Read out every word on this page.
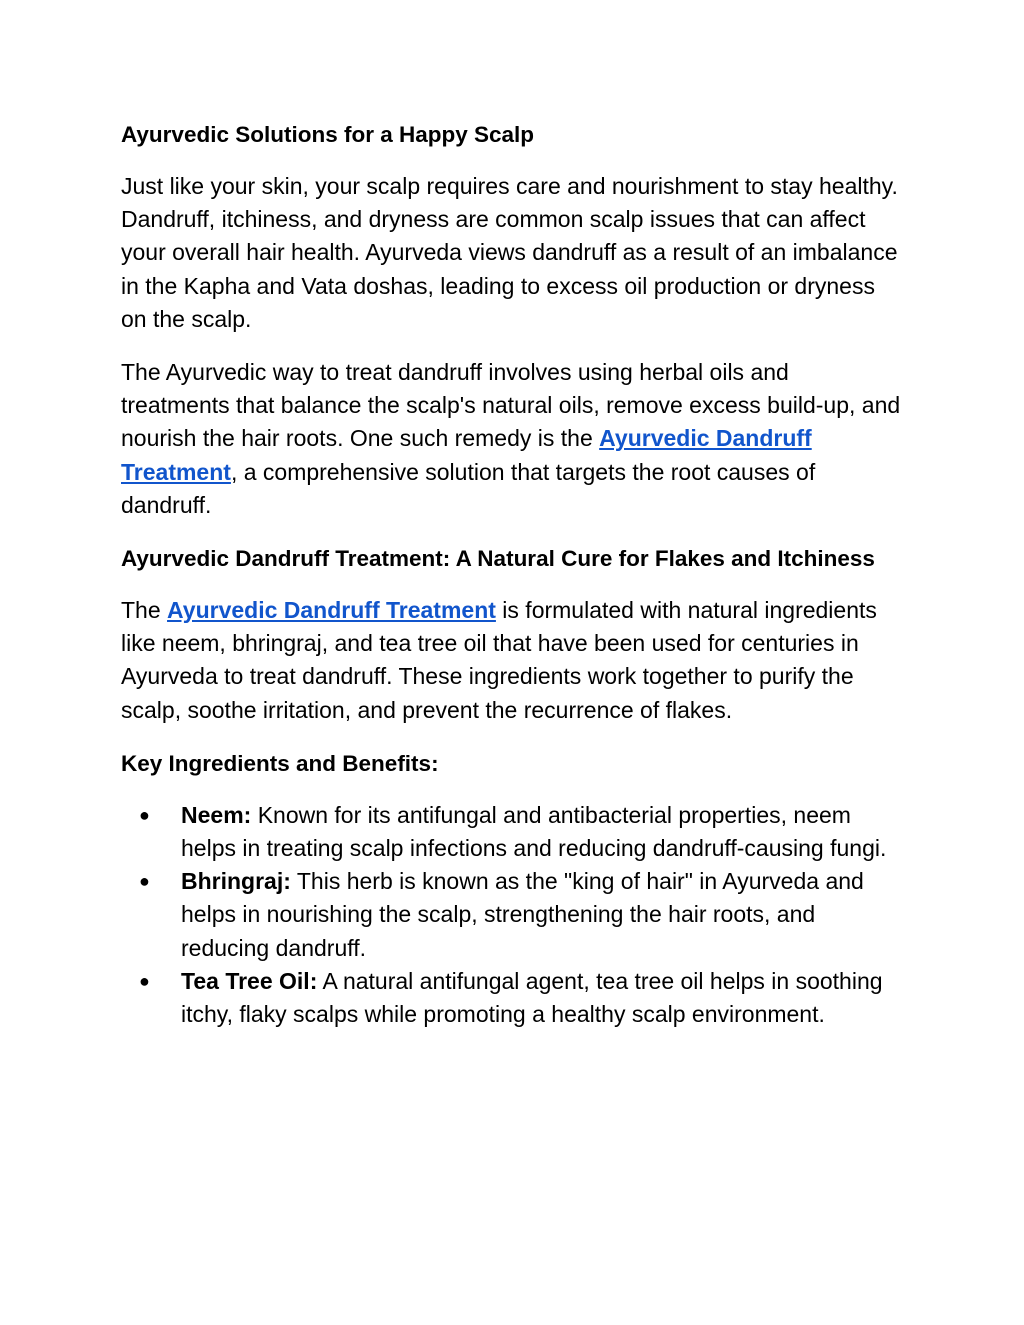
Ayurvedic Solutions for a Happy Scalp

Just like your skin, your scalp requires care and nourishment to stay healthy. Dandruff, itchiness, and dryness are common scalp issues that can affect your overall hair health. Ayurveda views dandruff as a result of an imbalance in the Kapha and Vata doshas, leading to excess oil production or dryness on the scalp.

The Ayurvedic way to treat dandruff involves using herbal oils and treatments that balance the scalp's natural oils, remove excess build-up, and nourish the hair roots. One such remedy is the Ayurvedic Dandruff Treatment, a comprehensive solution that targets the root causes of dandruff.

Ayurvedic Dandruff Treatment: A Natural Cure for Flakes and Itchiness

The Ayurvedic Dandruff Treatment is formulated with natural ingredients like neem, bhringraj, and tea tree oil that have been used for centuries in Ayurveda to treat dandruff. These ingredients work together to purify the scalp, soothe irritation, and prevent the recurrence of flakes.

Key Ingredients and Benefits:
● Neem: Known for its antifungal and antibacterial properties, neem helps in treating scalp infections and reducing dandruff-causing fungi.
● Bhringraj: This herb is known as the "king of hair" in Ayurveda and helps in nourishing the scalp, strengthening the hair roots, and reducing dandruff.
● Tea Tree Oil: A natural antifungal agent, tea tree oil helps in soothing itchy, flaky scalps while promoting a healthy scalp environment.
